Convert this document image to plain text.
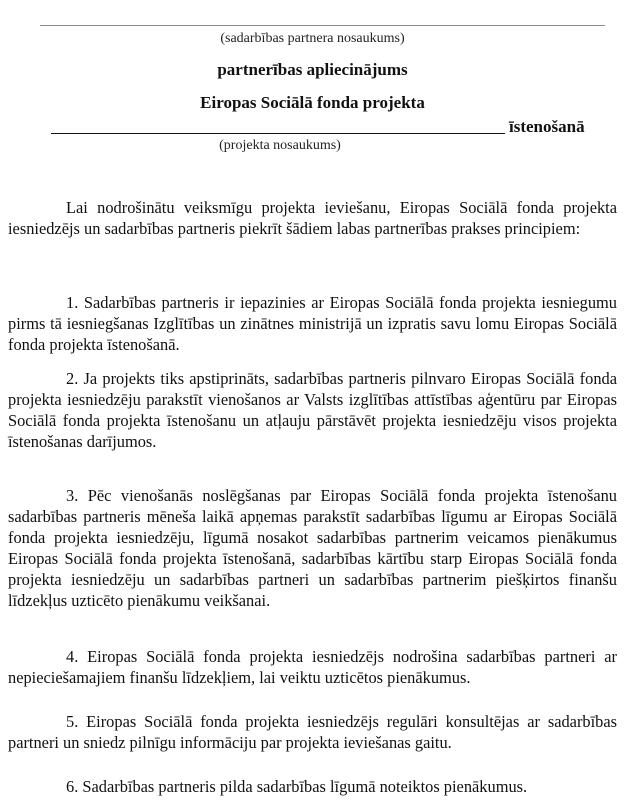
(sadarbības partnera nosaukums)
partnerības apliecinājums
Eiropas Sociālā fonda projekta
īstenošanā
(projekta nosaukums)

Lai nodrošinātu veiksmīgu projekta ieviešanu, Eiropas Sociālā fonda projekta iesniedzējs un sadarbības partneris piekrīt šādiem labas partnerības prakses principiem:

1. Sadarbības partneris ir iepazinies ar Eiropas Sociālā fonda projekta iesniegumu pirms tā iesniegšanas Izglītības un zinātnes ministrijā un izpratis savu lomu Eiropas Sociālā fonda projekta īstenošanā.

2. Ja projekts tiks apstiprināts, sadarbības partneris pilnvaro Eiropas Sociālā fonda projekta iesniedzēju parakstīt vienošanos ar Valsts izglītības attīstības aģentūru par Eiropas Sociālā fonda projekta īstenošanu un atļauju pārstāvēt projekta iesniedzēju visos projekta īstenošanas darījumos.

3. Pēc vienošanās noslēgšanas par Eiropas Sociālā fonda projekta īstenošanu sadarbības partneris mēneša laikā apņemas parakstīt sadarbības līgumu ar Eiropas Sociālā fonda projekta iesniedzēju, līgumā nosakot sadarbības partnerim veicamos pienākumus Eiropas Sociālā fonda projekta īstenošanā, sadarbības kārtību starp Eiropas Sociālā fonda projekta iesniedzēju un sadarbības partneri un sadarbības partnerim piešķirtos finanšu līdzekļus uzticēto pienākumu veikšanai.

4. Eiropas Sociālā fonda projekta iesniedzējs nodrošina sadarbības partneri ar nepieciešamajiem finanšu līdzekļiem, lai veiktu uzticētos pienākumus.

5. Eiropas Sociālā fonda projekta iesniedzējs regulāri konsultējas ar sadarbības partneri un sniedz pilnīgu informāciju par projekta ieviešanas gaitu.

6. Sadarbības partneris pilda sadarbības līgumā noteiktos pienākumus.
